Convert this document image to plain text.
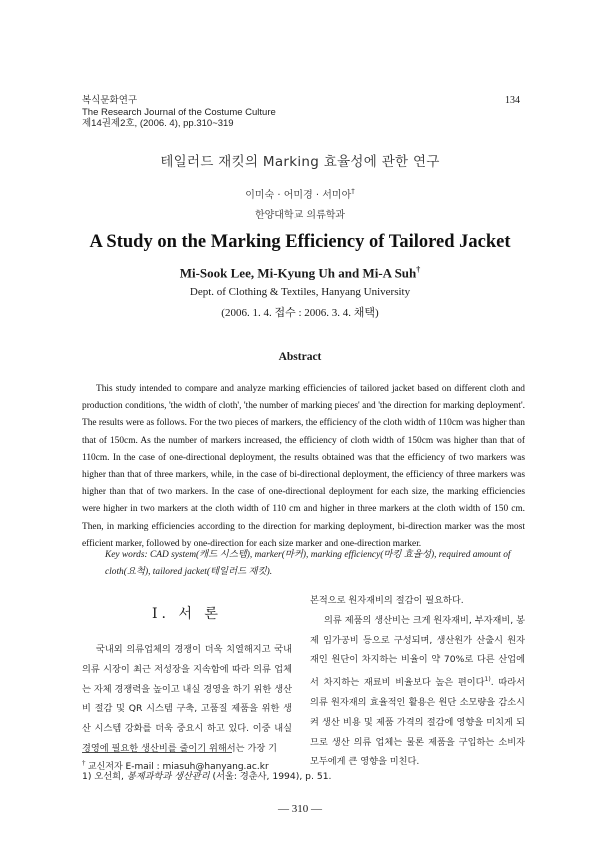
복식문화연구
The Research Journal of the Costume Culture
제14권제2호, (2006. 4), pp.310~319
134
테일러드 재킷의 Marking 효율성에 관한 연구
이미숙 · 어미경 · 서미아†
한양대학교 의류학과
A Study on the Marking Efficiency of Tailored Jacket
Mi-Sook Lee, Mi-Kyung Uh and Mi-A Suh†
Dept. of Clothing & Textiles, Hanyang University
(2006. 1. 4. 접수 : 2006. 3. 4. 채택)
Abstract
This study intended to compare and analyze marking efficiencies of tailored jacket based on different cloth and production conditions, 'the width of cloth', 'the number of marking pieces' and 'the direction for marking deployment'. The results were as follows. For the two pieces of markers, the efficiency of the cloth width of 110cm was higher than that of 150cm. As the number of markers increased, the efficiency of cloth width of 150cm was higher than that of 110cm. In the case of one-directional deployment, the results obtained was that the efficiency of two markers was higher than that of three markers, while, in the case of bi-directional deployment, the efficiency of three markers was higher than that of two markers. In the case of one-directional deployment for each size, the marking efficiencies were higher in two markers at the cloth width of 110 cm and higher in three markers at the cloth width of 150 cm. Then, in marking efficiencies according to the direction for marking deployment, bi-direction marker was the most efficient marker, followed by one-direction for each size marker and one-direction marker.
Key words: CAD system(캐드 시스템), marker(마커), marking efficiency(마킹 효율성), required amount of cloth(요척), tailored jacket(테일러드 재킷).
I. 서 론
국내외 의류업체의 경쟁이 더욱 치열해지고 국내 의류 시장이 최근 저성장을 지속함에 따라 의류 업체는 자체 경쟁력을 높이고 내실 경영을 하기 위한 생산비 절감 및 QR 시스템 구축, 고품질 제품을 위한 생산 시스템 강화를 더욱 중요시 하고 있다. 이중 내실 경영에 필요한 생산비를 줄이기 위해서는 가장 기
본적으로 원자재비의 절감이 필요하다.
의류 제품의 생산비는 크게 원자재비, 부자재비, 봉제 임가공비 등으로 구성되며, 생산원가 산출시 원자재인 원단이 차지하는 비율이 약 70%로 다른 산업에서 차지하는 재료비 비율보다 높은 편이다$^{1)}$. 따라서 의류 원자재의 효율적인 활용은 원단 소모량을 감소시켜 생산 비용 및 제품 가격의 절감에 영향을 미치게 되므로 생산 의류 업체는 물론 제품을 구입하는 소비자 모두에게 큰 영향을 미친다.
† 교신저자 E-mail : miasuh@hanyang.ac.kr
1) 오선희, 봉제과학과 생산관리 (서울: 경춘사, 1994), p. 51.
— 310 —
